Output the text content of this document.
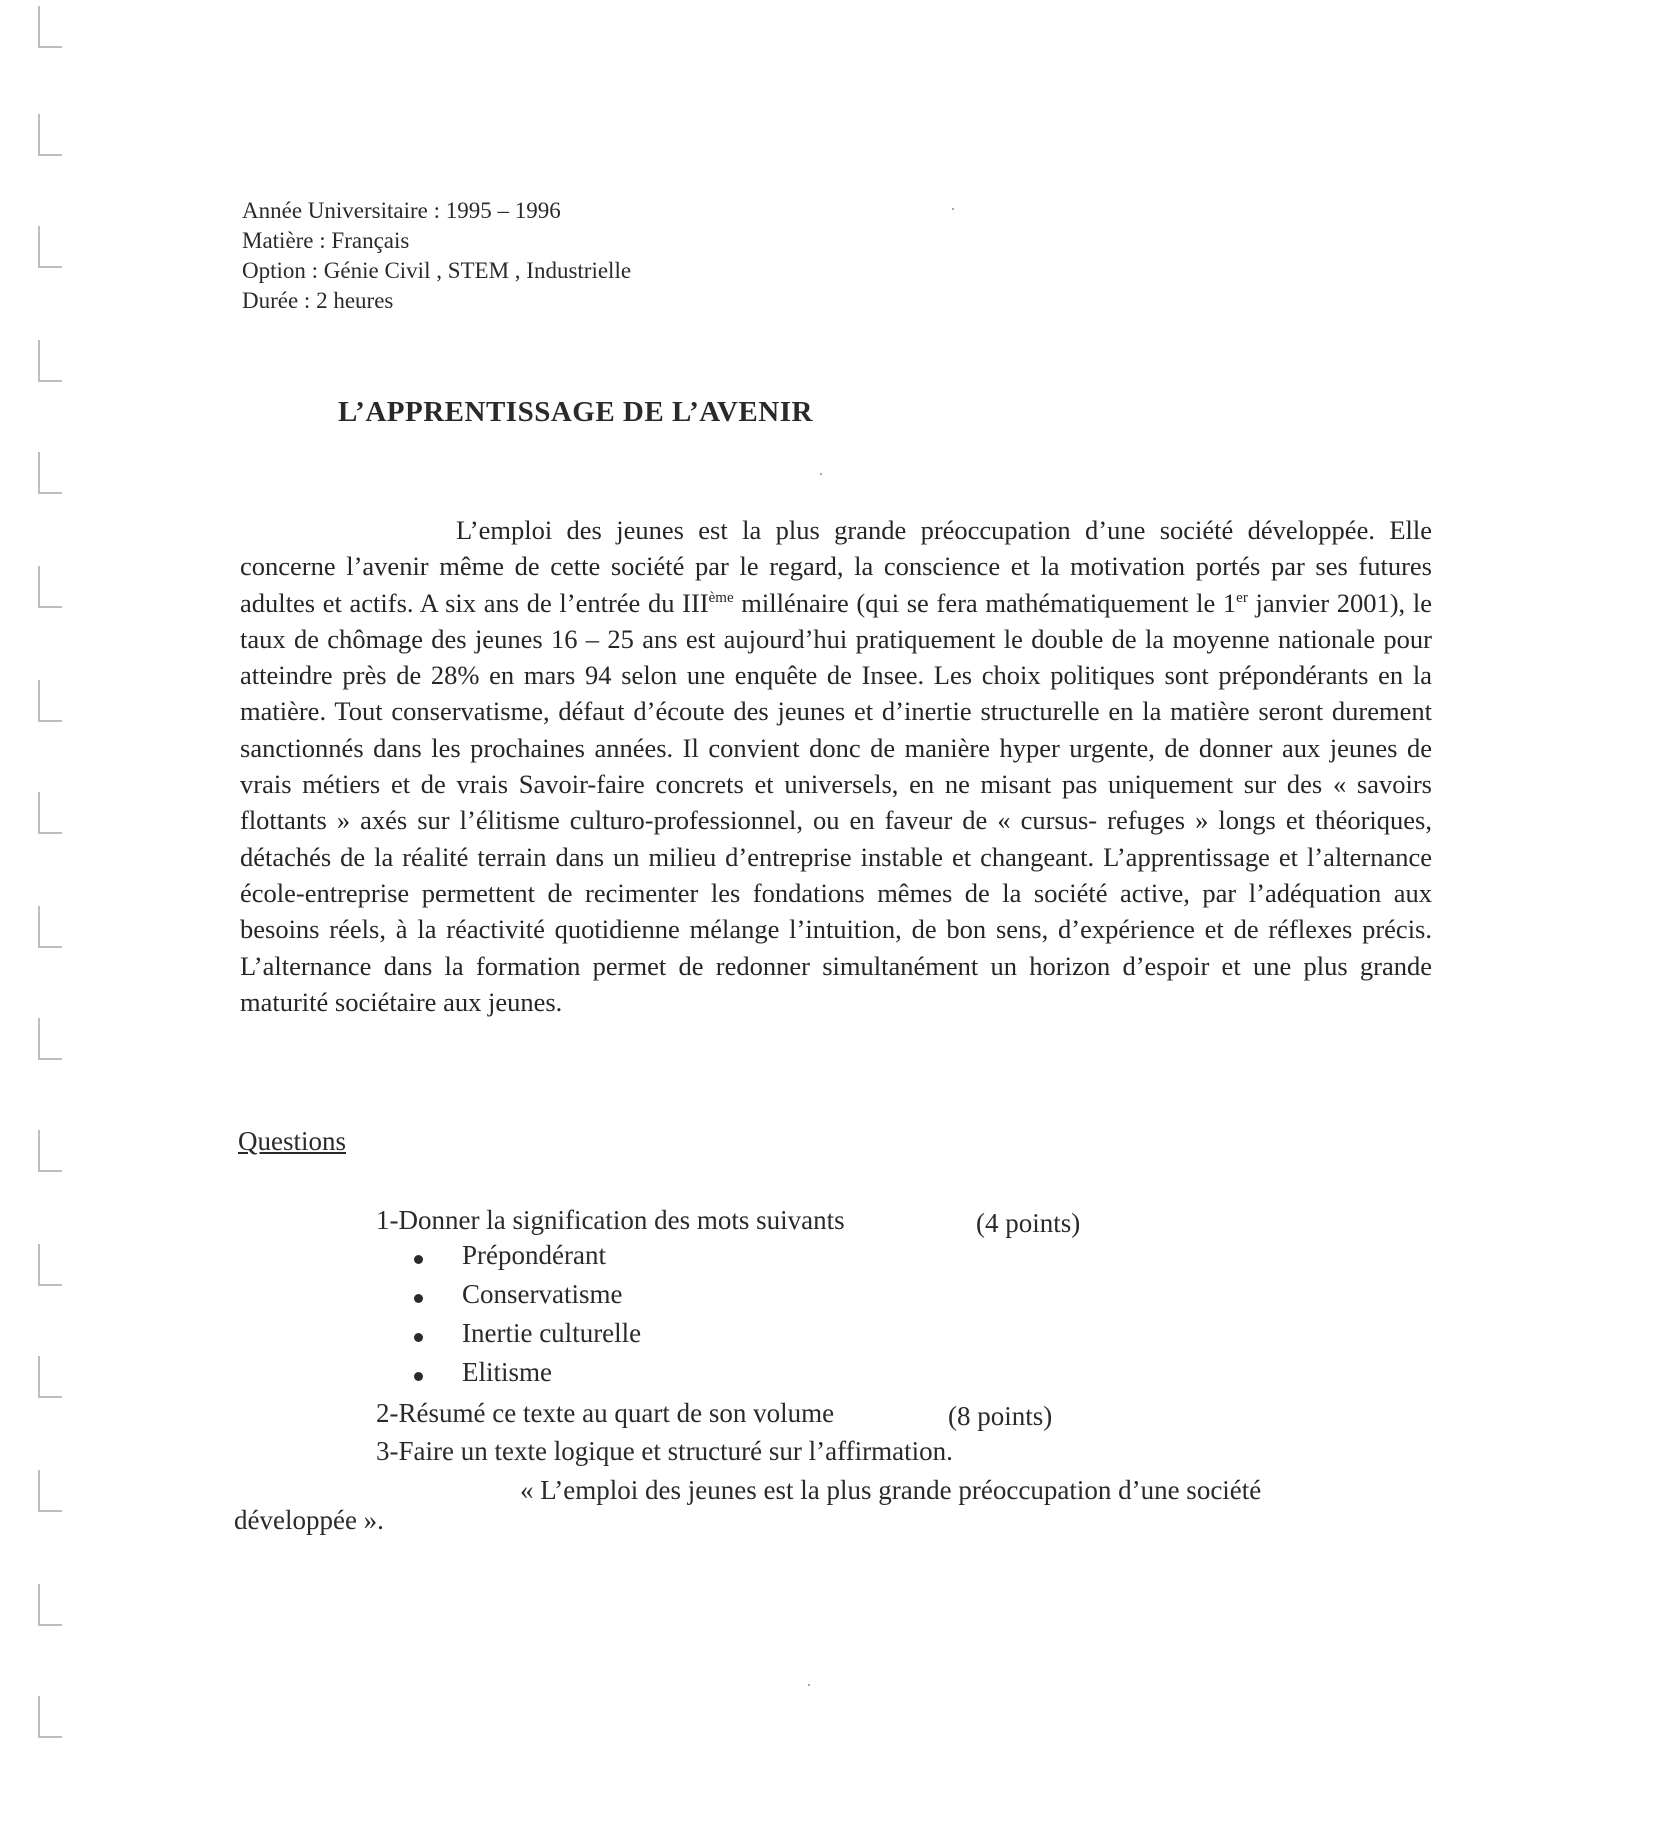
Année Universitaire : 1995 – 1996
Matière : Français
Option : Génie Civil , STEM , Industrielle
Durée : 2 heures
L’APPRENTISSAGE DE L’AVENIR
L’emploi des jeunes est la plus grande préoccupation d’une société développée. Elle concerne l’avenir même de cette société par le regard, la conscience et la motivation portés par ses futures adultes et actifs. A six ans de l’entrée du IIIème millénaire (qui se fera mathématiquement le 1er janvier 2001), le taux de chômage des jeunes 16 – 25 ans est aujourd’hui pratiquement le double de la moyenne nationale pour atteindre près de 28% en mars 94 selon une enquête de Insee. Les choix politiques sont prépondérants en la matière. Tout conservatisme, défaut d’écoute des jeunes et d’inertie structurelle en la matière seront durement sanctionnés dans les prochaines années. Il convient donc de manière hyper urgente, de donner aux jeunes de vrais métiers et de vrais Savoir-faire concrets et universels, en ne misant pas uniquement sur des « savoirs flottants » axés sur l’élitisme culturo-professionnel, ou en faveur de « cursus- refuges » longs et théoriques, détachés de la réalité terrain dans un milieu d’entreprise instable et changeant. L’apprentissage et l’alternance école-entreprise permettent de recimenter les fondations mêmes de la société active, par l’adéquation aux besoins réels, à la réactivité quotidienne mélange l’intuition, de bon sens, d’expérience et de réflexes précis. L’alternance dans la formation permet de redonner simultanément un horizon d’espoir et une plus grande maturité sociétaire aux jeunes.
Questions
1-Donner la signification des mots suivants	(4 points)
Prépondérant
Conservatisme
Inertie culturelle
Elitisme
2-Résumé ce texte au quart de son volume	(8 points)
3-Faire un texte logique et structuré sur l’affirmation.
« L’emploi des jeunes est la plus grande préoccupation d’une société
développée ».
